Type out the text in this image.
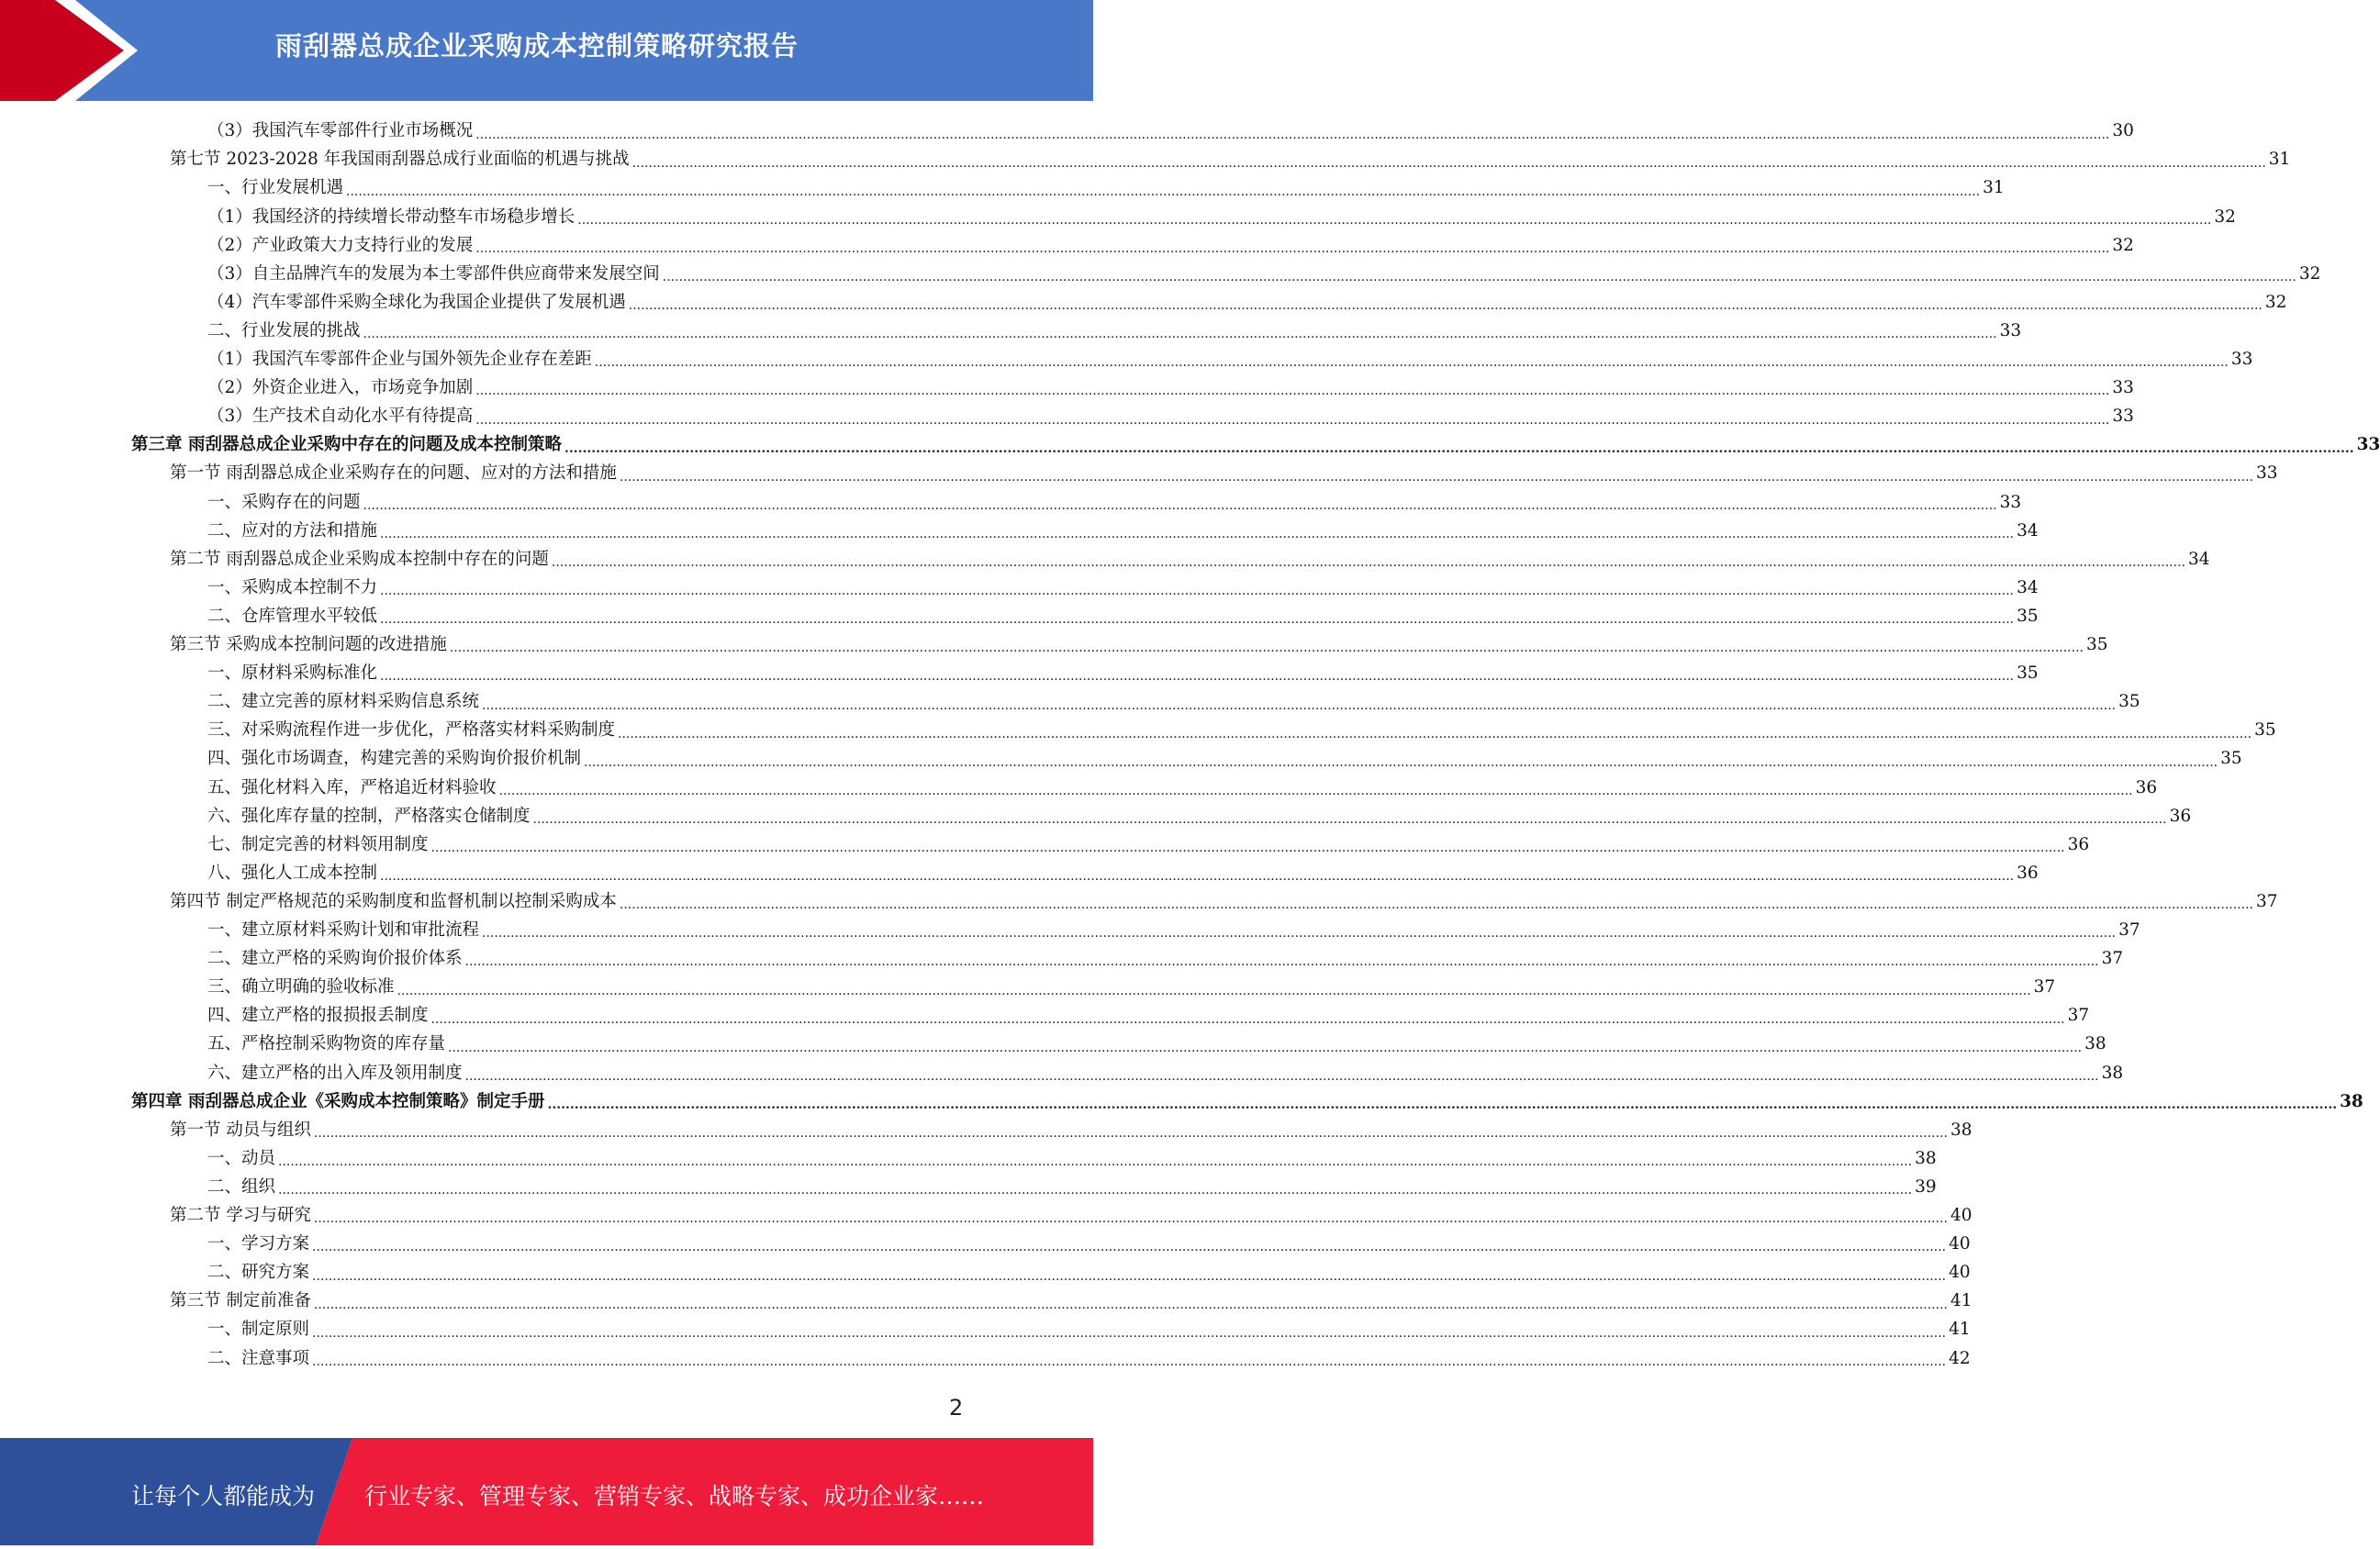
雨刮器总成企业采购成本控制策略研究报告
（3）我国汽车零部件行业市场概况 ................................................................................................................................................................................................................................................................................................................................................................................................................ 30
第七节 2023-2028 年我国雨刮器总成行业面临的机遇与挑战 ................................................................................................................................................................................................................................................................................................................................................................................................................ 31
一、行业发展机遇 ................................................................................................................................................................................................................................................................................................................................................................................................................ 31
（1）我国经济的持续增长带动整车市场稳步增长 ................................................................................................................................................................................................................................................................................................................................................................................................................ 32
（2）产业政策大力支持行业的发展 ................................................................................................................................................................................................................................................................................................................................................................................................................ 32
（3）自主品牌汽车的发展为本土零部件供应商带来发展空间 ................................................................................................................................................................................................................................................................................................................................................................................................................ 32
（4）汽车零部件采购全球化为我国企业提供了发展机遇 ................................................................................................................................................................................................................................................................................................................................................................................................................ 32
二、行业发展的挑战 ................................................................................................................................................................................................................................................................................................................................................................................................................ 33
（1）我国汽车零部件企业与国外领先企业存在差距 ................................................................................................................................................................................................................................................................................................................................................................................................................ 33
（2）外资企业进入，市场竞争加剧 ................................................................................................................................................................................................................................................................................................................................................................................................................ 33
（3）生产技术自动化水平有待提高 ................................................................................................................................................................................................................................................................................................................................................................................................................ 33
第三章 雨刮器总成企业采购中存在的问题及成本控制策略 ................................................................................................................................................................................................................................................................................................................................................................................................................ 33
第一节 雨刮器总成企业采购存在的问题、应对的方法和措施 ................................................................................................................................................................................................................................................................................................................................................................................................................ 33
一、采购存在的问题 ................................................................................................................................................................................................................................................................................................................................................................................................................ 33
二、应对的方法和措施 ................................................................................................................................................................................................................................................................................................................................................................................................................ 34
第二节 雨刮器总成企业采购成本控制中存在的问题 ................................................................................................................................................................................................................................................................................................................................................................................................................ 34
一、采购成本控制不力 ................................................................................................................................................................................................................................................................................................................................................................................................................ 34
二、仓库管理水平较低 ................................................................................................................................................................................................................................................................................................................................................................................................................ 35
第三节 采购成本控制问题的改进措施 ................................................................................................................................................................................................................................................................................................................................................................................................................ 35
一、原材料采购标准化 ................................................................................................................................................................................................................................................................................................................................................................................................................ 35
二、建立完善的原材料采购信息系统 ................................................................................................................................................................................................................................................................................................................................................................................................................ 35
三、对采购流程作进一步优化，严格落实材料采购制度 ................................................................................................................................................................................................................................................................................................................................................................................................................ 35
四、强化市场调查，构建完善的采购询价报价机制 ................................................................................................................................................................................................................................................................................................................................................................................................................ 35
五、强化材料入库，严格追近材料验收 ................................................................................................................................................................................................................................................................................................................................................................................................................ 36
六、强化库存量的控制，严格落实仓储制度 ................................................................................................................................................................................................................................................................................................................................................................................................................ 36
七、制定完善的材料领用制度 ................................................................................................................................................................................................................................................................................................................................................................................................................ 36
八、强化人工成本控制 ................................................................................................................................................................................................................................................................................................................................................................................................................ 36
第四节 制定严格规范的采购制度和监督机制以控制采购成本 ................................................................................................................................................................................................................................................................................................................................................................................................................ 37
一、建立原材料采购计划和审批流程 ................................................................................................................................................................................................................................................................................................................................................................................................................ 37
二、建立严格的采购询价报价体系 ................................................................................................................................................................................................................................................................................................................................................................................................................ 37
三、确立明确的验收标准 ................................................................................................................................................................................................................................................................................................................................................................................................................ 37
四、建立严格的报损报丢制度 ................................................................................................................................................................................................................................................................................................................................................................................................................ 37
五、严格控制采购物资的库存量 ................................................................................................................................................................................................................................................................................................................................................................................................................ 38
六、建立严格的出入库及领用制度 ................................................................................................................................................................................................................................................................................................................................................................................................................ 38
第四章 雨刮器总成企业《采购成本控制策略》制定手册 ................................................................................................................................................................................................................................................................................................................................................................................................................ 38
第一节 动员与组织 ................................................................................................................................................................................................................................................................................................................................................................................................................ 38
一、动员 ................................................................................................................................................................................................................................................................................................................................................................................................................ 38
二、组织 ................................................................................................................................................................................................................................................................................................................................................................................................................ 39
第二节 学习与研究 ................................................................................................................................................................................................................................................................................................................................................................................................................ 40
一、学习方案 ................................................................................................................................................................................................................................................................................................................................................................................................................ 40
二、研究方案 ................................................................................................................................................................................................................................................................................................................................................................................................................ 40
第三节 制定前准备 ................................................................................................................................................................................................................................................................................................................................................................................................................ 41
一、制定原则 ................................................................................................................................................................................................................................................................................................................................................................................................................ 41
二、注意事项 ................................................................................................................................................................................................................................................................................................................................................................................................................ 42
2
让每个人都能成为 行业专家、管理专家、营销专家、战略专家、成功企业家……
